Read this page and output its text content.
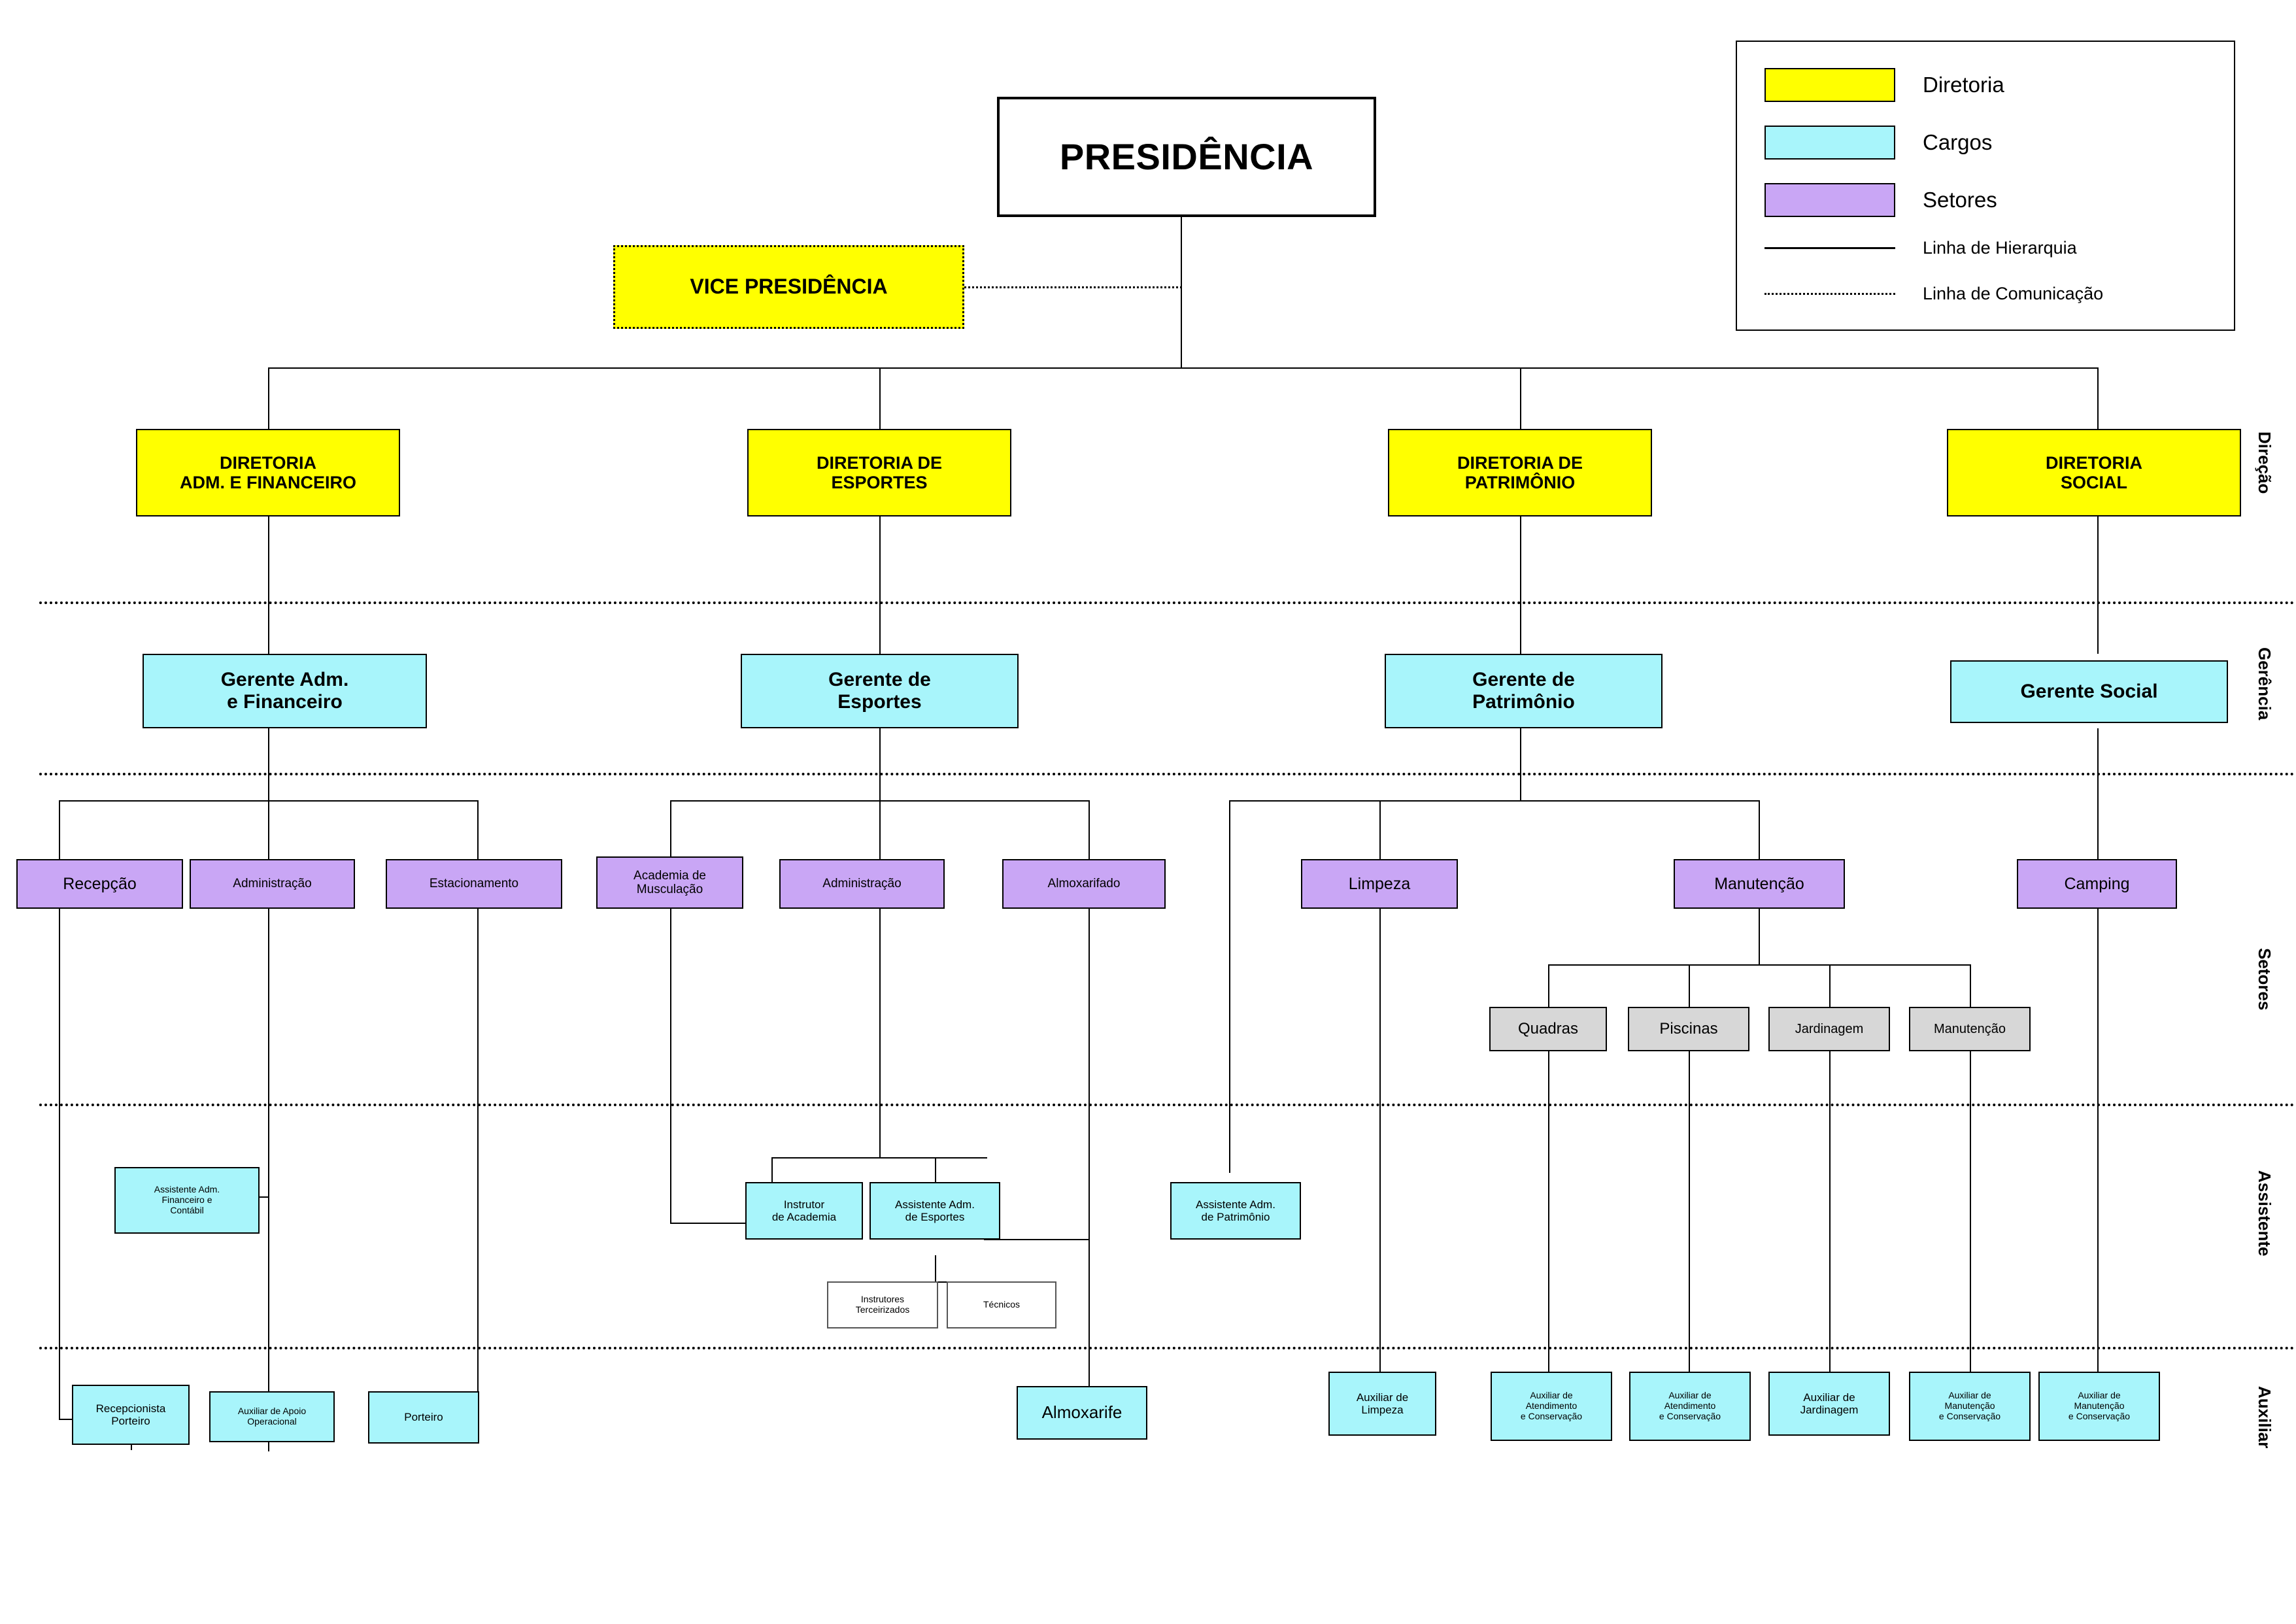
Diretoria
Cargos
Setores
Linha de Hierarquia
Linha de Comunicação
Direção
Gerência
Setores
Assistente
Auxiliar
PRESIDÊNCIA
VICE PRESIDÊNCIA
DIRETORIA
ADM. E FINANCEIRO
DIRETORIA DE
ESPORTES
DIRETORIA DE
PATRIMÔNIO
DIRETORIA
SOCIAL
Gerente Adm.
e Financeiro
Gerente de
Esportes
Gerente de
Patrimônio	Gerente Social
Recepção	Administração	Estacionamento
Academia de
Musculação	Administração	Almoxarifado	Limpeza	Manutenção	Camping
Quadras	Piscinas	Jardinagem	Manutenção
Assistente Adm.
Financeiro e
Contábil	Instrutor
de Academia
Assistente Adm.
de Esportes
Assistente Adm.
de Patrimônio
Instrutores
Terceirizados	Técnicos
Recepcionista
Porteiro
Auxiliar de Apoio
Operacional	Porteiro	Almoxarife
Auxiliar de
Limpeza
Auxiliar de
Atendimento
e Conservação
Auxiliar de
Atendimento
e Conservação
Auxiliar de
Jardinagem
Auxiliar de
Manutenção
e Conservação
Auxiliar de
Manutenção
e Conservação
